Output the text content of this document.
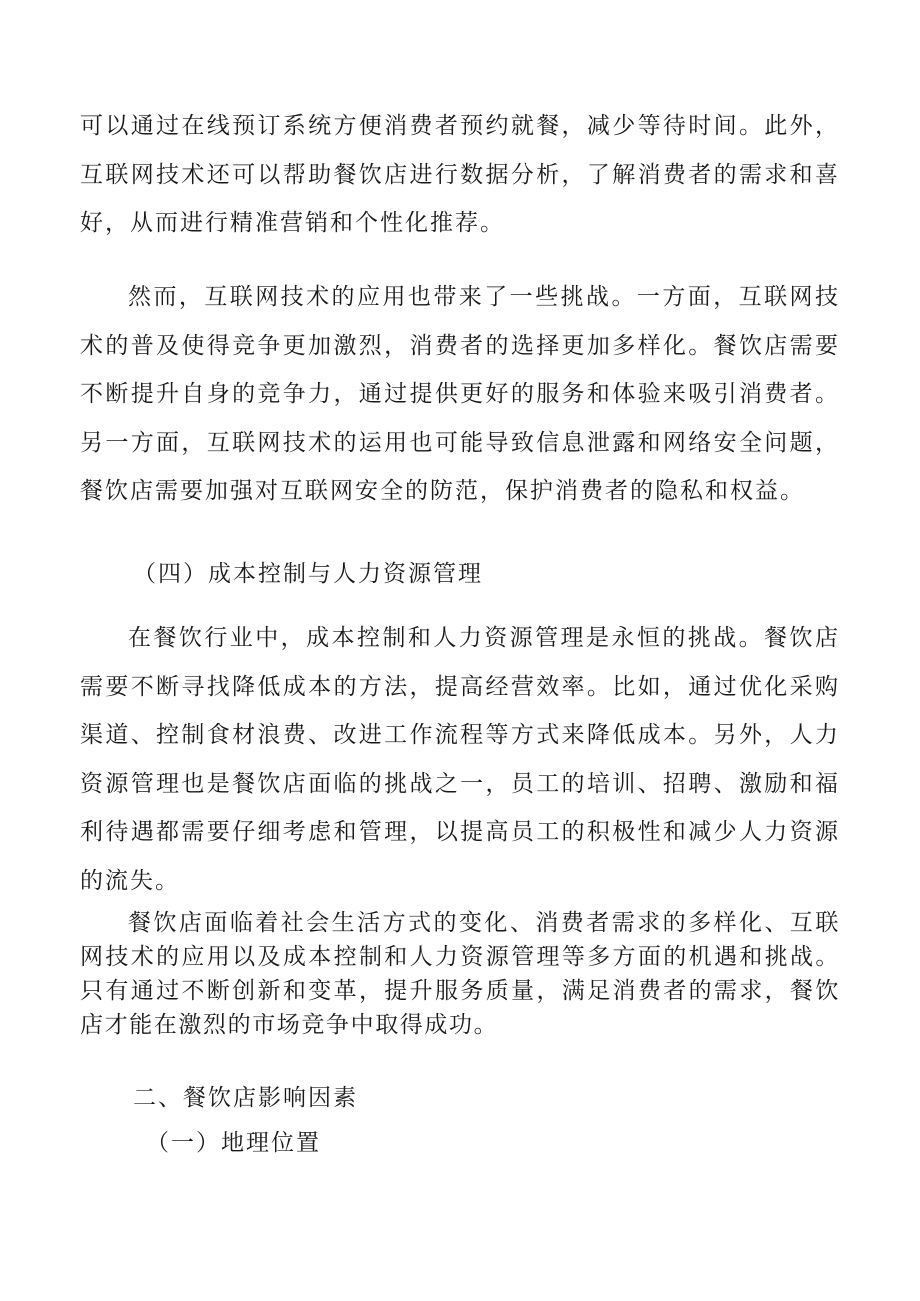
可以通过在线预订系统方便消费者预约就餐，减少等待时间。此外，互联网技术还可以帮助餐饮店进行数据分析，了解消费者的需求和喜好，从而进行精准营销和个性化推荐。

然而，互联网技术的应用也带来了一些挑战。一方面，互联网技术的普及使得竞争更加激烈，消费者的选择更加多样化。餐饮店需要不断提升自身的竞争力，通过提供更好的服务和体验来吸引消费者。另一方面，互联网技术的运用也可能导致信息泄露和网络安全问题，餐饮店需要加强对互联网安全的防范，保护消费者的隐私和权益。

（四）成本控制与人力资源管理

在餐饮行业中，成本控制和人力资源管理是永恒的挑战。餐饮店需要不断寻找降低成本的方法，提高经营效率。比如，通过优化采购渠道、控制食材浪费、改进工作流程等方式来降低成本。另外，人力资源管理也是餐饮店面临的挑战之一，员工的培训、招聘、激励和福利待遇都需要仔细考虑和管理，以提高员工的积极性和减少人力资源的流失。

餐饮店面临着社会生活方式的变化、消费者需求的多样化、互联网技术的应用以及成本控制和人力资源管理等多方面的机遇和挑战。只有通过不断创新和变革，提升服务质量，满足消费者的需求，餐饮店才能在激烈的市场竞争中取得成功。

二、餐饮店影响因素
（一）地理位置
